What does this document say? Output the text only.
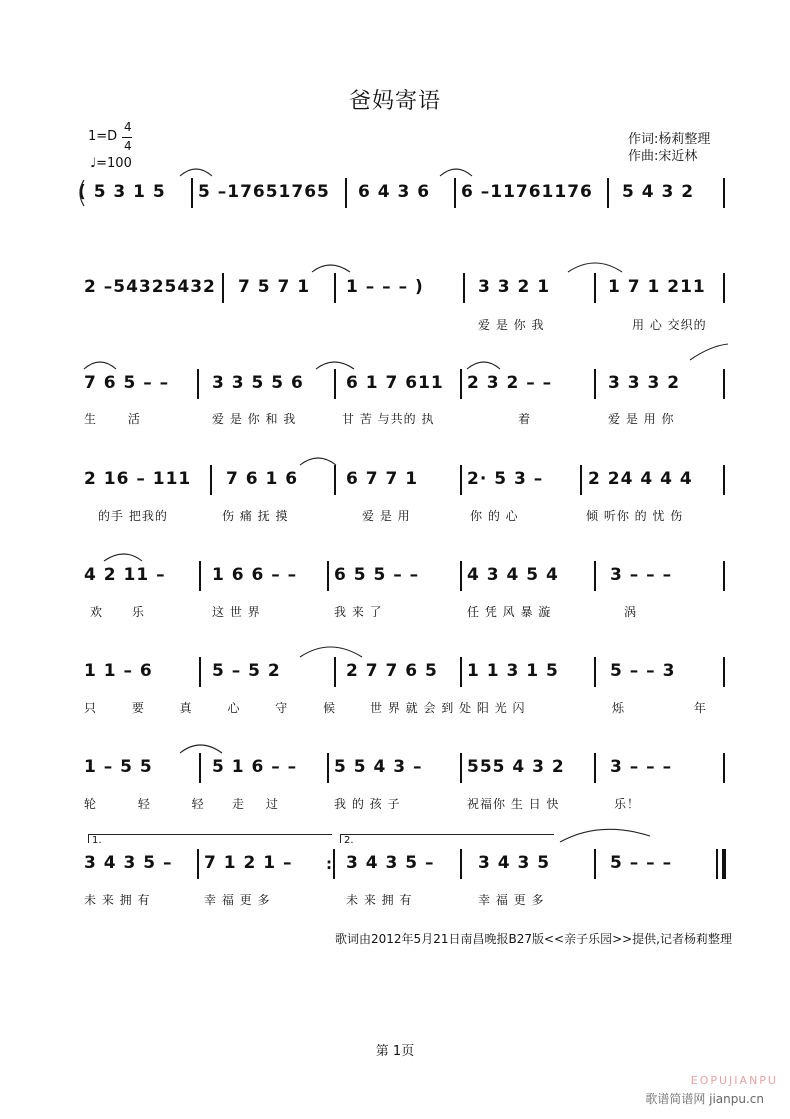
爸妈寄语
1=D
4
4
♩=100
作词:杨莉整理
作曲:宋近林
( 5 3 1 5 5 –17651765 6 4 3 6 6 –11761176 5 4 3 2
2 –54325432 7 5 7 1 1 – – – )	3 3 2 1	1 7 1 211
爱 是 你 我	用 心 交织的
7 6 5 – –	3 3 5 5 6 6 1 7 611 2 3 2 – –	3 3 3 2
生 活	爱 是 你 和 我	甘 苦 与共的 执	着	爱 是 用 你
2 16 – 111 7 6 1 6	6 7 7 1	2· 5 3 –	2 24 4 4 4
的手 把我的	伤 痛 抚 摸	爱 是 用	你 的 心	倾 听你 的 忧 伤
4 2 11 –	1 6 6 – – 6 5 5 – –	4 3 4 5 4	3 – – –
欢 乐	这 世 界	我 来 了	任 凭 风 暴 漩	涡
1 1 – 6	5 – 5 2	2 7 7 6 5 1 1 3 1 5	5 – – 3
只 要 真 心 守 候	世 界 就 会 到 处 阳 光 闪	烁 年
1 – 5 5	5 1 6 – – 5 5 4 3 –	555 4 3 2	3 – – –
轮 轻 轻 走 过	我 的 孩 子	祝福你 生 日 快	乐！
1.	2.
3 4 3 5 – 7 1 2 1 – : 3 4 3 5 –	3 4 3 5	5 – – –
未 来 拥 有	幸 福 更 多	未 来 拥 有	幸 福 更 多
歌词由2012年5月21日南昌晚报B27版<<亲子乐园>>提供,记者杨莉整理
第 1页
EOPUJIANPU
歌谱简谱网 jianpu.cn
